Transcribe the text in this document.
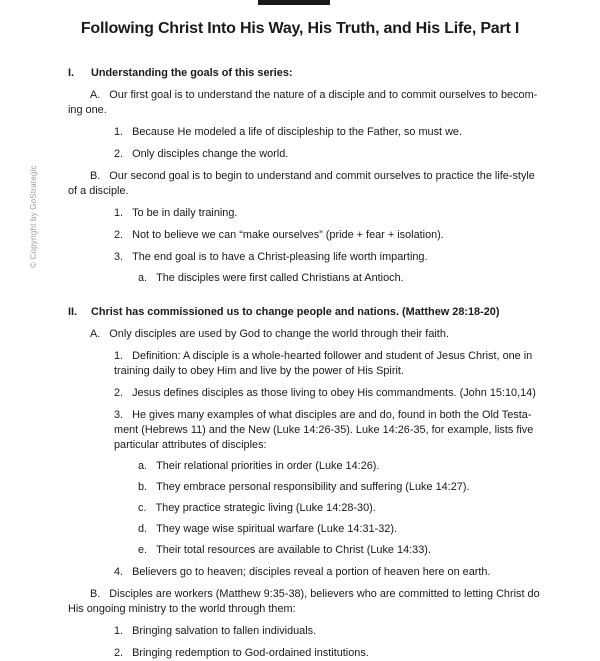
Following Christ Into His Way, His Truth, and His Life, Part I
© Copyright by GoStrategic
I. Understanding the goals of this series:
A. Our first goal is to understand the nature of a disciple and to commit ourselves to becom-
ing one.
1. Because He modeled a life of discipleship to the Father, so must we.
2. Only disciples change the world.
B. Our second goal is to begin to understand and commit ourselves to practice the life-style
of a disciple.
1. To be in daily training.
2. Not to believe we can “make ourselves” (pride + fear + isolation).
3. The end goal is to have a Christ-pleasing life worth imparting.
a. The disciples were first called Christians at Antioch.
II. Christ has commissioned us to change people and nations. (Matthew 28:18-20)
A. Only disciples are used by God to change the world through their faith.
1. Definition: A disciple is a whole-hearted follower and student of Jesus Christ, one in
training daily to obey Him and live by the power of His Spirit.
2. Jesus defines disciples as those living to obey His commandments. (John 15:10,14)
3. He gives many examples of what disciples are and do, found in both the Old Testa-
ment (Hebrews 11) and the New (Luke 14:26-35). Luke 14:26-35, for example, lists five
particular attributes of disciples:
a. Their relational priorities in order (Luke 14:26).
b. They embrace personal responsibility and suffering (Luke 14:27).
c. They practice strategic living (Luke 14:28-30).
d. They wage wise spiritual warfare (Luke 14:31-32).
e. Their total resources are available to Christ (Luke 14:33).
4. Believers go to heaven; disciples reveal a portion of heaven here on earth.
B. Disciples are workers (Matthew 9:35-38), believers who are committed to letting Christ do
His ongoing ministry to the world through them:
1. Bringing salvation to fallen individuals.
2. Bringing redemption to God-ordained institutions.
